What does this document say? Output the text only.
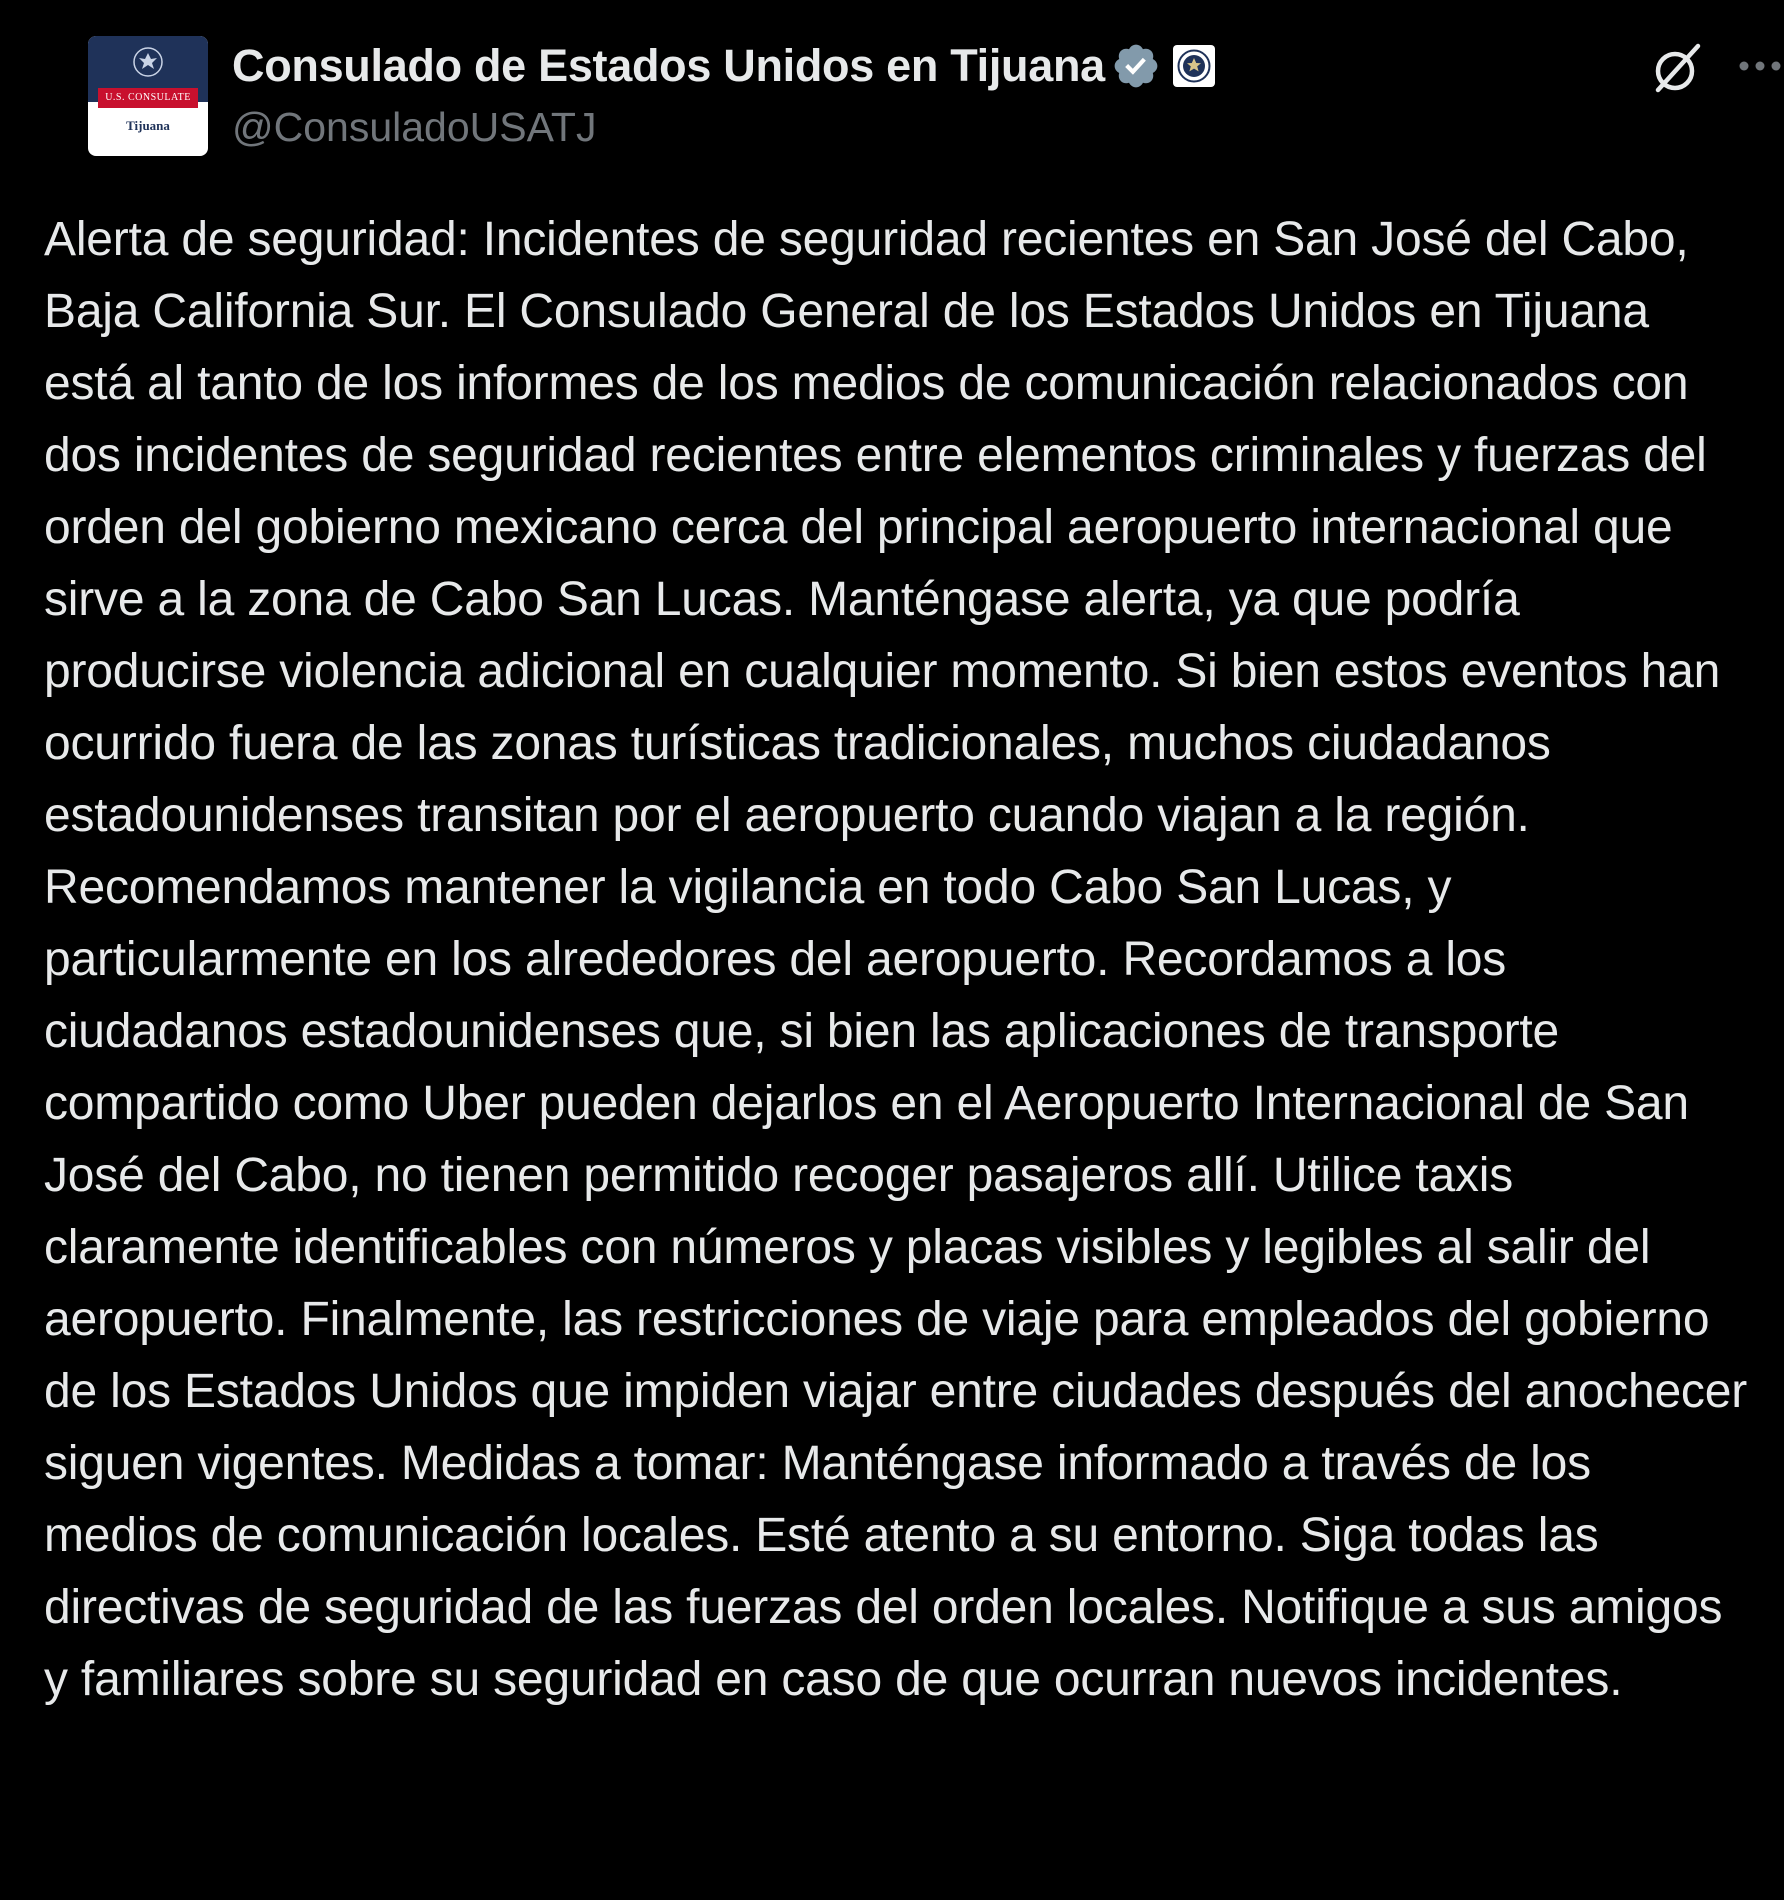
U.S. CONSULATE
Tijuana
Consulado de Estados Unidos en Tijuana
@ConsuladoUSATJ
Alerta de seguridad: Incidentes de seguridad recientes en San José del Cabo, Baja California Sur. El Consulado General de los Estados Unidos en Tijuana está al tanto de los informes de los medios de comunicación relacionados con dos incidentes de seguridad recientes entre elementos criminales y fuerzas del orden del gobierno mexicano cerca del principal aeropuerto internacional que sirve a la zona de Cabo San Lucas. Manténgase alerta, ya que podría producirse violencia adicional en cualquier momento. Si bien estos eventos han ocurrido fuera de las zonas turísticas tradicionales, muchos ciudadanos estadounidenses transitan por el aeropuerto cuando viajan a la región. Recomendamos mantener la vigilancia en todo Cabo San Lucas, y particularmente en los alrededores del aeropuerto. Recordamos a los ciudadanos estadounidenses que, si bien las aplicaciones de transporte compartido como Uber pueden dejarlos en el Aeropuerto Internacional de San José del Cabo, no tienen permitido recoger pasajeros allí. Utilice taxis claramente identificables con números y placas visibles y legibles al salir del aeropuerto. Finalmente, las restricciones de viaje para empleados del gobierno de los Estados Unidos que impiden viajar entre ciudades después del anochecer siguen vigentes. Medidas a tomar: Manténgase informado a través de los medios de comunicación locales. Esté atento a su entorno. Siga todas las directivas de seguridad de las fuerzas del orden locales. Notifique a sus amigos y familiares sobre su seguridad en caso de que ocurran nuevos incidentes.
